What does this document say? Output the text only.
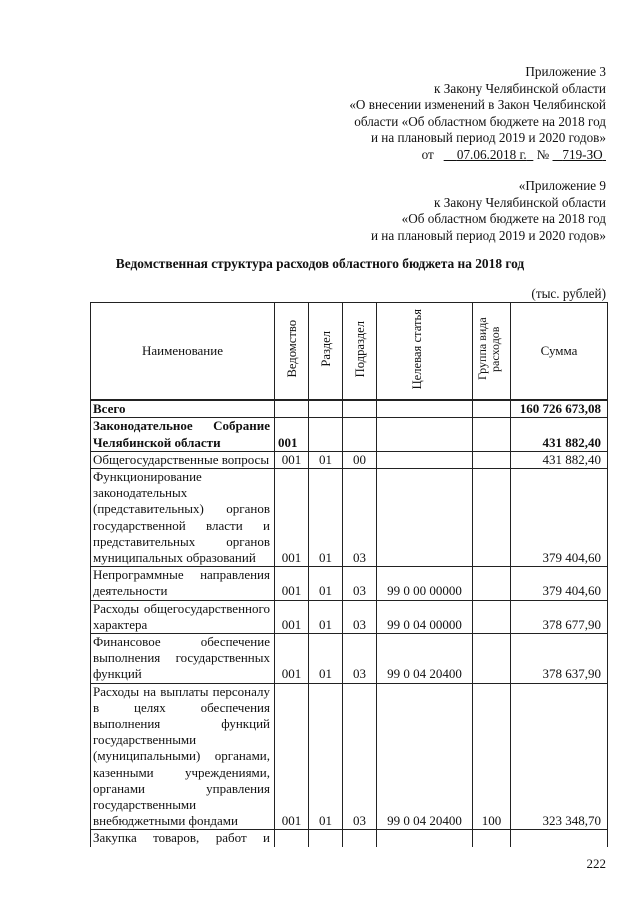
Приложение 3
к Закону Челябинской области
«О внесении изменений в Закон Челябинской
области «Об областном бюджете на 2018 год
и на плановый период 2019 и 2020 годов»
от 07.06.2018 г. № 719-ЗО
«Приложение 9
к Закону Челябинской области
«Об областном бюджете на 2018 год
и на плановый период 2019 и 2020 годов»
Ведомственная структура расходов областного бюджета на 2018 год
(тыс. рублей)
Наименование	Ведомство	Раздел	Подраздел	Целевая статья	Группа вида расходов	Сумма
Всего						160 726 673,08
Законодательное Собрание Челябинской области	001					431 882,40
Общегосударственные вопросы	001	01	00			431 882,40
Функционирование законодательных (представительных) органов государственной власти и представительных органов муниципальных образований	001	01	03			379 404,60
Непрограммные направления деятельности	001	01	03	99 0 00 00000		379 404,60
Расходы общегосударственного характера	001	01	03	99 0 04 00000		378 677,90
Финансовое обеспечение выполнения государственных функций	001	01	03	99 0 04 20400		378 637,90
Расходы на выплаты персоналу в целях обеспечения выполнения функций государственными (муниципальными) органами, казенными учреждениями, органами управления государственными внебюджетными фондами	001	01	03	99 0 04 20400	100	323 348,70
Закупка товаров, работ и						
222
